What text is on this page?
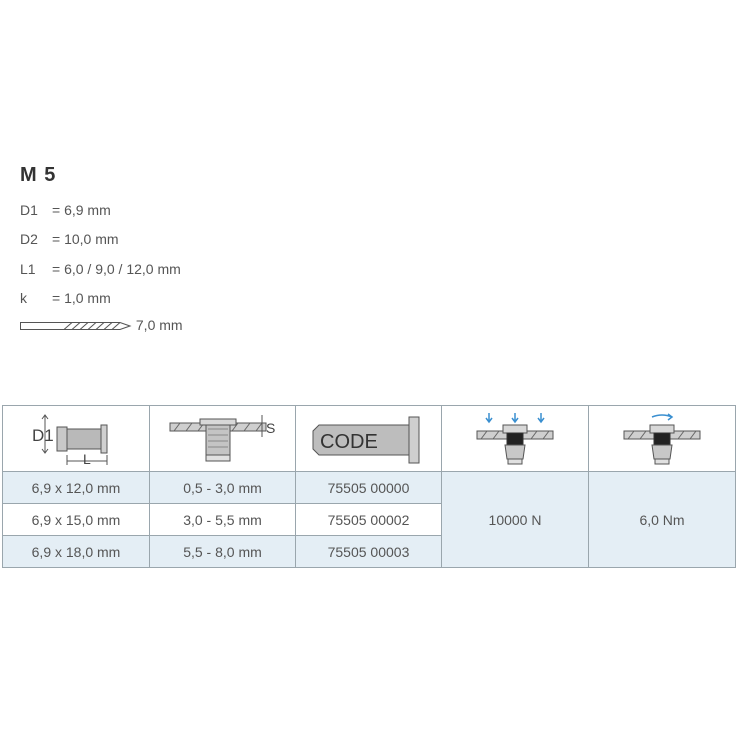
M 5
D1 = 6,9 mm
D2 = 10,0 mm
L1 = 6,0 / 9,0 / 12,0 mm
k = 1,0 mm
7,0 mm
D1
L	S	CODE

6,9 x 12,0 mm	0,5 - 3,0 mm	75505 00000	10000 N	6,0 Nm
6,9 x 15,0 mm	3,0 - 5,5 mm	75505 00002		
6,9 x 18,0 mm	5,5 - 8,0 mm	75505 00003		
